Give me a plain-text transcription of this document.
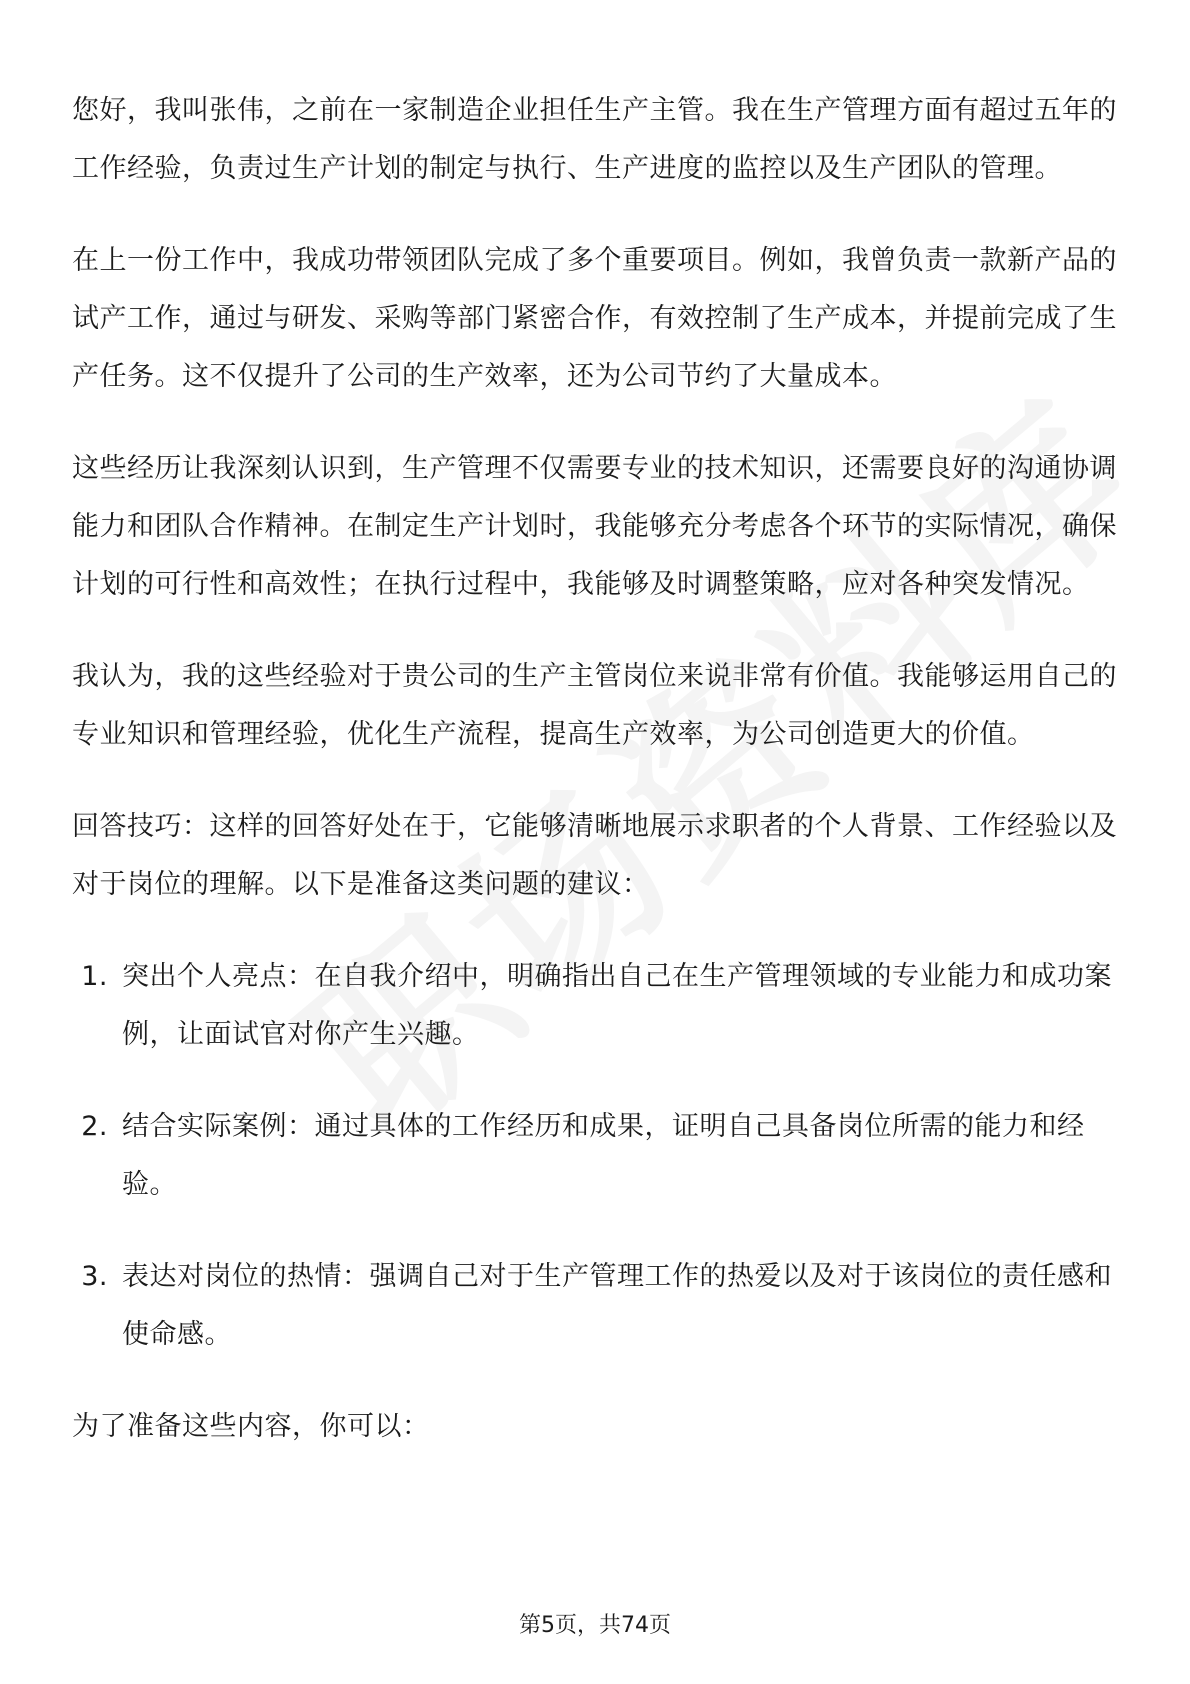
您好，我叫张伟，之前在一家制造企业担任生产主管。我在生产管理方面有超过五年的工作经验，负责过生产计划的制定与执行、生产进度的监控以及生产团队的管理。

在上一份工作中，我成功带领团队完成了多个重要项目。例如，我曾负责一款新产品的试产工作，通过与研发、采购等部门紧密合作，有效控制了生产成本，并提前完成了生产任务。这不仅提升了公司的生产效率，还为公司节约了大量成本。

这些经历让我深刻认识到，生产管理不仅需要专业的技术知识，还需要良好的沟通协调能力和团队合作精神。在制定生产计划时，我能够充分考虑各个环节的实际情况，确保计划的可行性和高效性；在执行过程中，我能够及时调整策略，应对各种突发情况。

我认为，我的这些经验对于贵公司的生产主管岗位来说非常有价值。我能够运用自己的专业知识和管理经验，优化生产流程，提高生产效率，为公司创造更大的价值。

回答技巧：这样的回答好处在于，它能够清晰地展示求职者的个人背景、工作经验以及对于岗位的理解。以下是准备这类问题的建议：

1. 突出个人亮点：在自我介绍中，明确指出自己在生产管理领域的专业能力和成功案例，让面试官对你产生兴趣。
2. 结合实际案例：通过具体的工作经历和成果，证明自己具备岗位所需的能力和经验。
3. 表达对岗位的热情：强调自己对于生产管理工作的热爱以及对于该岗位的责任感和使命感。

为了准备这些内容，你可以：

第5页，共74页
